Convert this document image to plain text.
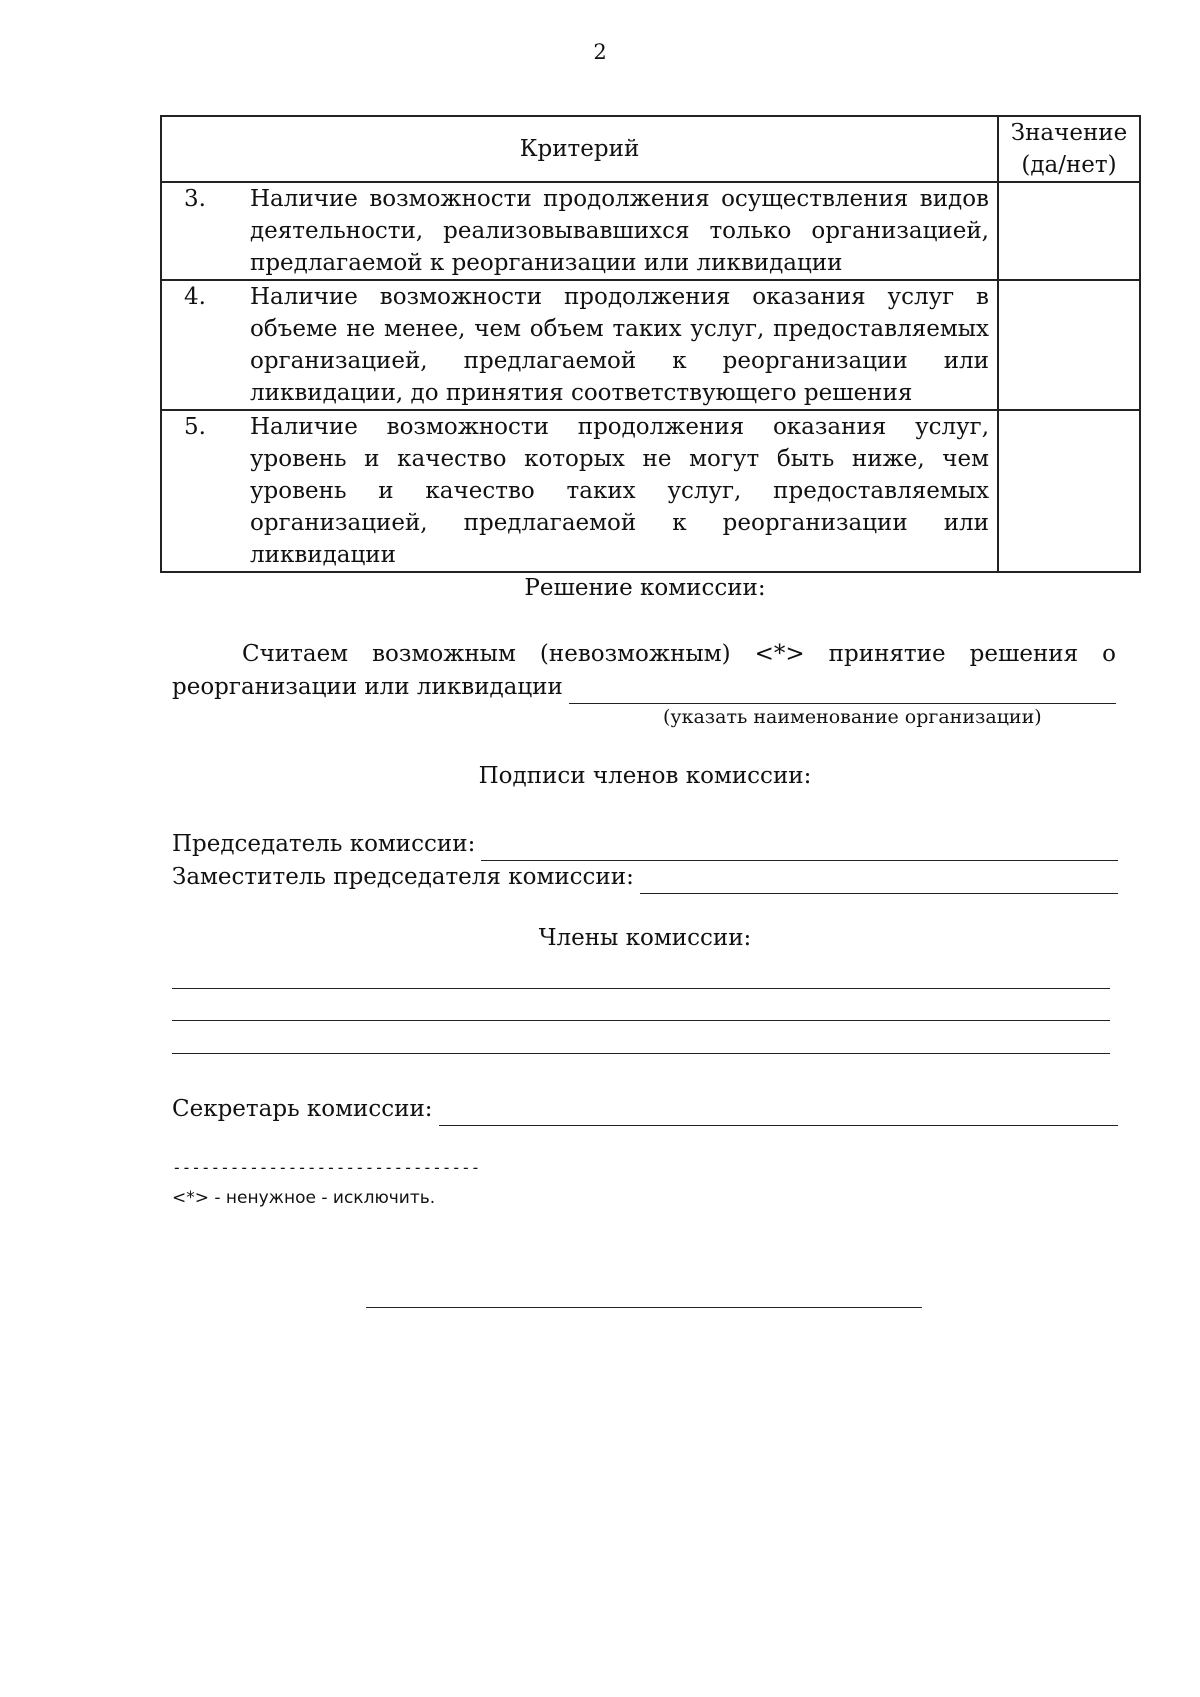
2
Критерий	Значение (да/нет)

3. Наличие возможности продолжения осуществления видов деятельности, реализовывавшихся только организацией, предлагаемой к реорганизации или ликвидации	

4. Наличие возможности продолжения оказания услуг в объеме не менее, чем объем таких услуг, предоставляемых организацией, предлагаемой к реорганизации или ликвидации, до принятия соответствующего решения	

5. Наличие возможности продолжения оказания услуг, уровень и качество которых не могут быть ниже, чем уровень и качество таких услуг, предоставляемых организацией, предлагаемой к реорганизации или ликвидации	

Решение комиссии:
Считаем возможным (невозможным) <*> принятие решения о
реорганизации или ликвидации
(указать наименование организации)
Подписи членов комиссии:
Председатель комиссии:
Заместитель председателя комиссии:
Члены комиссии:
Секретарь комиссии:
--------------------------------
<*> - ненужное - исключить.
